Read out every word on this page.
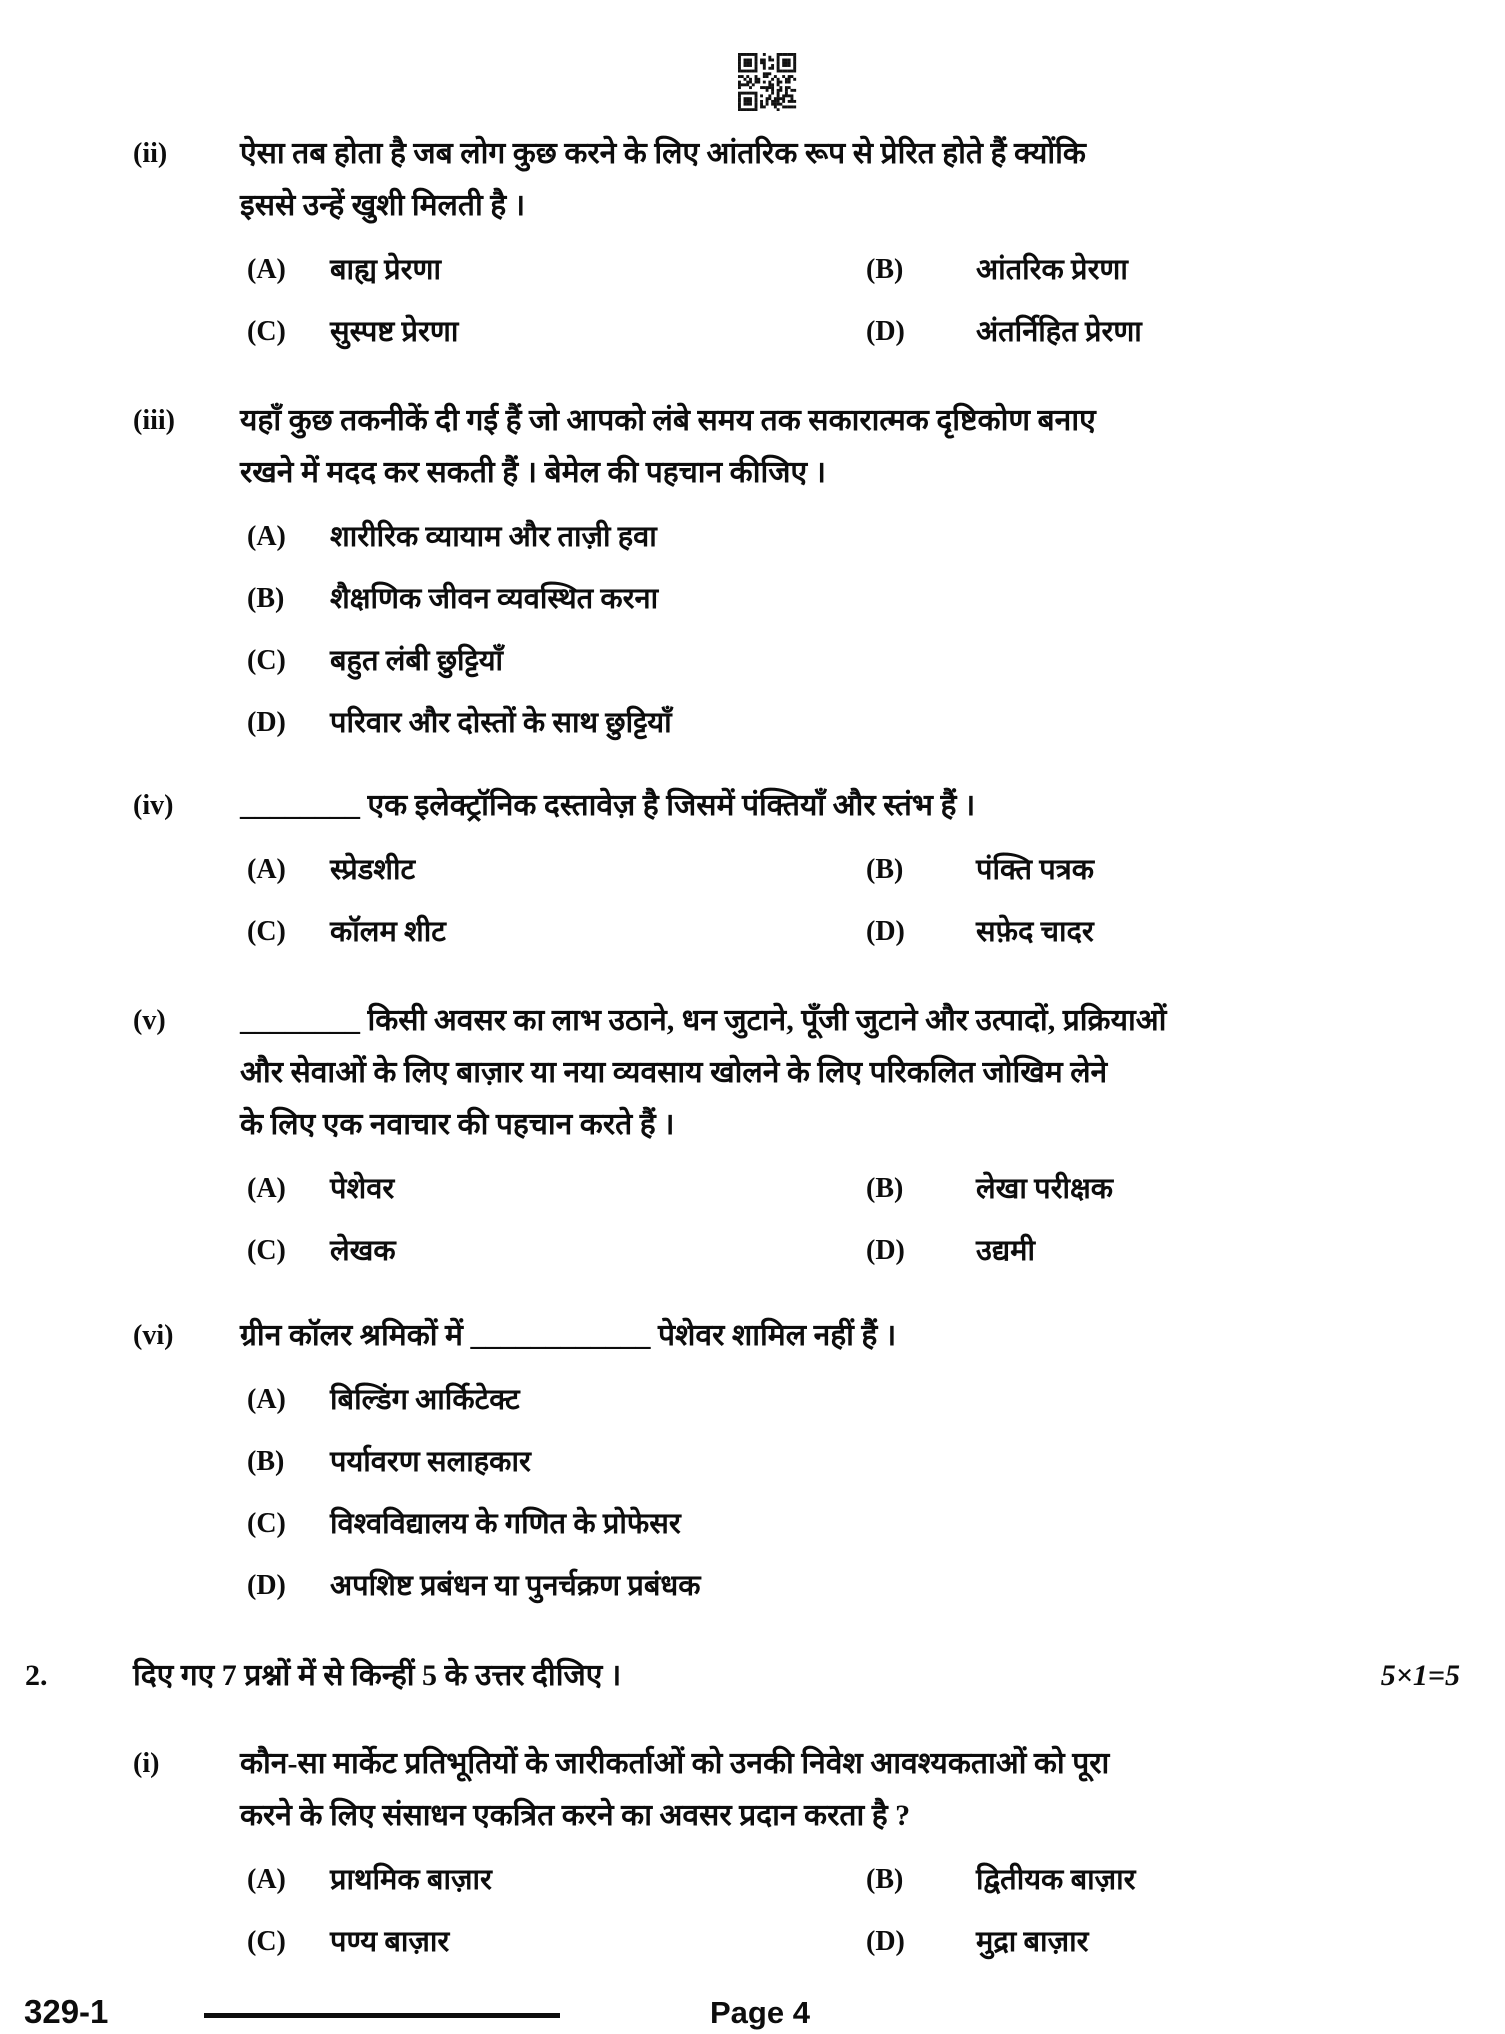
(ii)	ऐसा तब होता है जब लोग कुछ करने के लिए आंतरिक रूप से प्रेरित होते हैं क्योंकि
इससे उन्हें खुशी मिलती है ।
(A)	बाह्य प्रेरणा	(B)	आंतरिक प्रेरणा
(C)	सुस्पष्ट प्रेरणा	(D)	अंतर्निहित प्रेरणा
(iii)	यहाँ कुछ तकनीकें दी गई हैं जो आपको लंबे समय तक सकारात्मक दृष्टिकोण बनाए
रखने में मदद कर सकती हैं । बेमेल की पहचान कीजिए ।
(A)	शारीरिक व्यायाम और ताज़ी हवा
(B)	शैक्षणिक जीवन व्यवस्थित करना
(C)	बहुत लंबी छुट्टियाँ
(D)	परिवार और दोस्तों के साथ छुट्टियाँ
(iv)	________ एक इलेक्ट्रॉनिक दस्तावेज़ है जिसमें पंक्तियाँ और स्तंभ हैं ।
(A)	स्प्रेडशीट	(B)	पंक्ति पत्रक
(C)	कॉलम शीट	(D)	सफ़ेद चादर
(v)	________ किसी अवसर का लाभ उठाने, धन जुटाने, पूँजी जुटाने और उत्पादों, प्रक्रियाओं
और सेवाओं के लिए बाज़ार या नया व्यवसाय खोलने के लिए परिकलित जोखिम लेने
के लिए एक नवाचार की पहचान करते हैं ।
(A)	पेशेवर	(B)	लेखा परीक्षक
(C)	लेखक	(D)	उद्यमी
(vi)	ग्रीन कॉलर श्रमिकों में ____________ पेशेवर शामिल नहीं हैं ।
(A)	बिल्डिंग आर्किटेक्ट
(B)	पर्यावरण सलाहकार
(C)	विश्वविद्यालय के गणित के प्रोफेसर
(D)	अपशिष्ट प्रबंधन या पुनर्चक्रण प्रबंधक
(i)	कौन-सा मार्केट प्रतिभूतियों के जारीकर्ताओं को उनकी निवेश आवश्यकताओं को पूरा
करने के लिए संसाधन एकत्रित करने का अवसर प्रदान करता है ?
(A)	प्राथमिक बाज़ार	(B)	द्वितीयक बाज़ार
(C)	पण्य बाज़ार	(D)	मुद्रा बाज़ार
2.	दिए गए 7 प्रश्नों में से किन्हीं 5 के उत्तर दीजिए ।	5×1=5
329-1	Page 4
